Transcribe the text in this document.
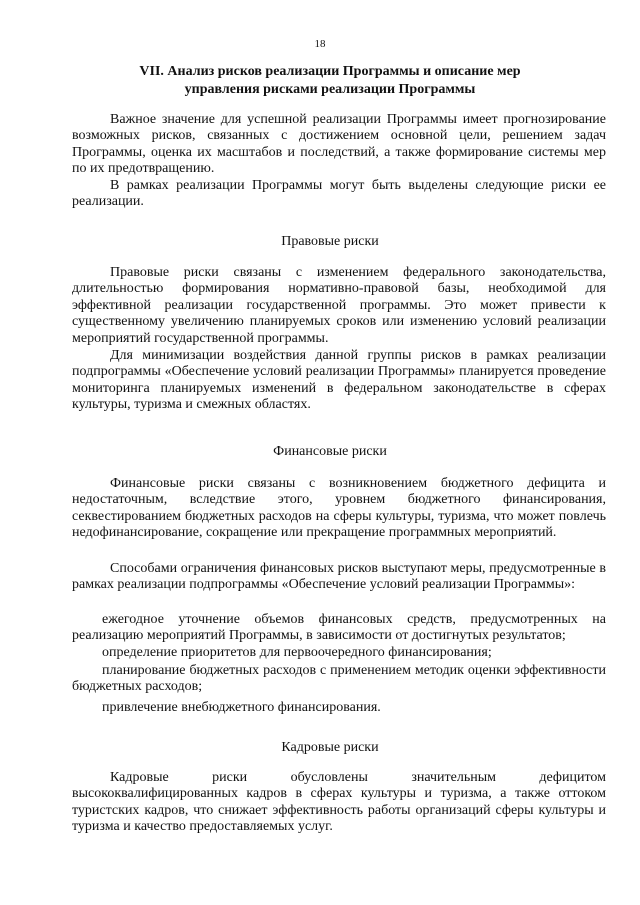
18
VII. Анализ рисков реализации Программы и описание мер
управления рисками реализации Программы

Важное значение для успешной реализации Программы имеет прогнозирование возможных рисков, связанных с достижением основной цели, решением задач Программы, оценка их масштабов и последствий, а также формирование системы мер по их предотвращению.

В рамках реализации Программы могут быть выделены следующие риски ее реализации.

Правовые риски

Правовые риски связаны с изменением федерального законодательства, длительностью формирования нормативно-правовой базы, необходимой для эффективной реализации государственной программы. Это может привести к существенному увеличению планируемых сроков или изменению условий реализации мероприятий государственной программы.

Для минимизации воздействия данной группы рисков в рамках реализации подпрограммы «Обеспечение условий реализации Программы» планируется проведение мониторинга планируемых изменений в федеральном законодательстве в сферах культуры, туризма и смежных областях.

Финансовые риски

Финансовые риски связаны с возникновением бюджетного дефицита и недостаточным, вследствие этого, уровнем бюджетного финансирования, секвестированием бюджетных расходов на сферы культуры, туризма, что может повлечь недофинансирование, сокращение или прекращение программных мероприятий.

Способами ограничения финансовых рисков выступают меры, предусмотренные в рамках реализации подпрограммы «Обеспечение условий реализации Программы»:

ежегодное уточнение объемов финансовых средств, предусмотренных на реализацию мероприятий Программы, в зависимости от достигнутых результатов;

определение приоритетов для первоочередного финансирования;

планирование бюджетных расходов с применением методик оценки эффективности бюджетных расходов;

привлечение внебюджетного финансирования.

Кадровые риски

Кадровые риски обусловлены значительным дефицитом высококвалифицированных кадров в сферах культуры и туризма, а также оттоком туристских кадров, что снижает эффективность работы организаций сферы культуры и туризма и качество предоставляемых услуг.
